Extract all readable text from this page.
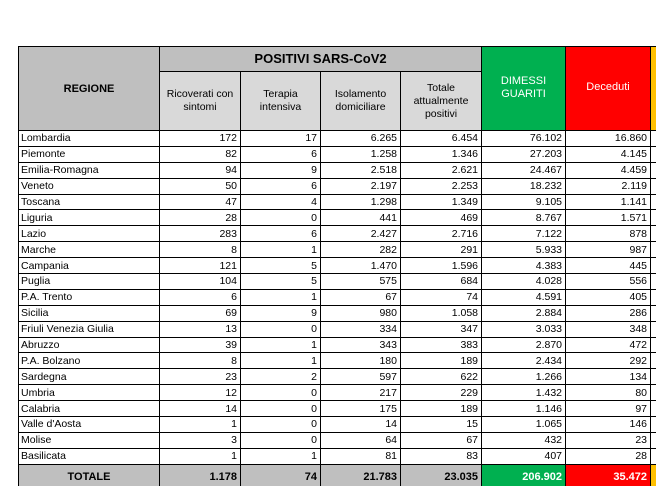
REGIONE	POSITIVI SARS-CoV2				DIMESSI GUARITI	Deceduti	
	Ricoverati con sintomi	Terapia intensiva	Isolamento domiciliare	Totale attualmente positivi			
Lombardia	172	17	6.265	6.454	76.102	16.860	
Piemonte	82	6	1.258	1.346	27.203	4.145	
Emilia-Romagna	94	9	2.518	2.621	24.467	4.459	
Veneto	50	6	2.197	2.253	18.232	2.119	
Toscana	47	4	1.298	1.349	9.105	1.141	
Liguria	28	0	441	469	8.767	1.571	
Lazio	283	6	2.427	2.716	7.122	878	
Marche	8	1	282	291	5.933	987	
Campania	121	5	1.470	1.596	4.383	445	
Puglia	104	5	575	684	4.028	556	
P.A. Trento	6	1	67	74	4.591	405	
Sicilia	69	9	980	1.058	2.884	286	
Friuli Venezia Giulia	13	0	334	347	3.033	348	
Abruzzo	39	1	343	383	2.870	472	
P.A. Bolzano	8	1	180	189	2.434	292	
Sardegna	23	2	597	622	1.266	134	
Umbria	12	0	217	229	1.432	80	
Calabria	14	0	175	189	1.146	97	
Valle d'Aosta	1	0	14	15	1.065	146	
Molise	3	0	64	67	432	23	
Basilicata	1	1	81	83	407	28	
TOTALE	1.178	74	21.783	23.035	206.902	35.472	
